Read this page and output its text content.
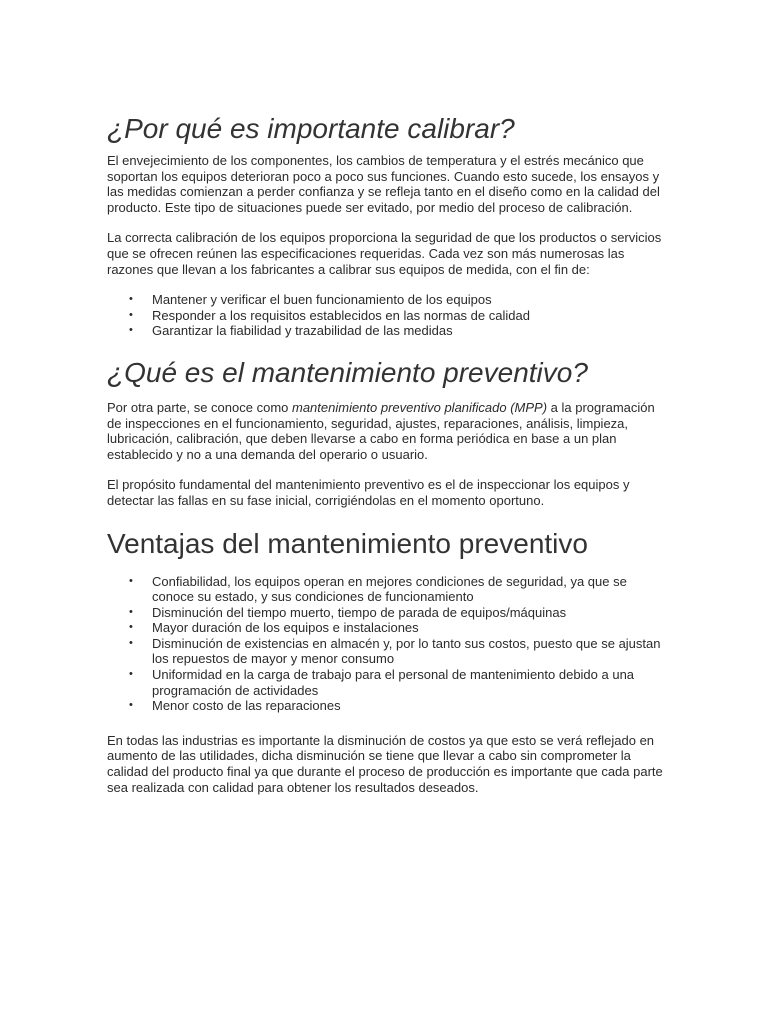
¿Por qué es importante calibrar?

El envejecimiento de los componentes, los cambios de temperatura y el estrés mecánico que soportan los equipos deterioran poco a poco sus funciones. Cuando esto sucede, los ensayos y las medidas comienzan a perder confianza y se refleja tanto en el diseño como en la calidad del producto. Este tipo de situaciones puede ser evitado, por medio del proceso de calibración.

La correcta calibración de los equipos proporciona la seguridad de que los productos o servicios que se ofrecen reúnen las especificaciones requeridas. Cada vez son más numerosas las razones que llevan a los fabricantes a calibrar sus equipos de medida, con el fin de:

• Mantener y verificar el buen funcionamiento de los equipos
• Responder a los requisitos establecidos en las normas de calidad
• Garantizar la fiabilidad y trazabilidad de las medidas
¿Qué es el mantenimiento preventivo?

Por otra parte, se conoce como mantenimiento preventivo planificado (MPP) a la programación de inspecciones en el funcionamiento, seguridad, ajustes, reparaciones, análisis, limpieza, lubricación, calibración, que deben llevarse a cabo en forma periódica en base a un plan establecido y no a una demanda del operario o usuario.

El propósito fundamental del mantenimiento preventivo es el de inspeccionar los equipos y detectar las fallas en su fase inicial, corrigiéndolas en el momento oportuno.

Ventajas del mantenimiento preventivo
• Confiabilidad, los equipos operan en mejores condiciones de seguridad, ya que se conoce su estado, y sus condiciones de funcionamiento
• Disminución del tiempo muerto, tiempo de parada de equipos/máquinas
• Mayor duración de los equipos e instalaciones
• Disminución de existencias en almacén y, por lo tanto sus costos, puesto que se ajustan los repuestos de mayor y menor consumo
• Uniformidad en la carga de trabajo para el personal de mantenimiento debido a una programación de actividades
• Menor costo de las reparaciones

En todas las industrias es importante la disminución de costos ya que esto se verá reflejado en aumento de las utilidades, dicha disminución se tiene que llevar a cabo sin comprometer la calidad del producto final ya que durante el proceso de producción es importante que cada parte sea realizada con calidad para obtener los resultados deseados.
